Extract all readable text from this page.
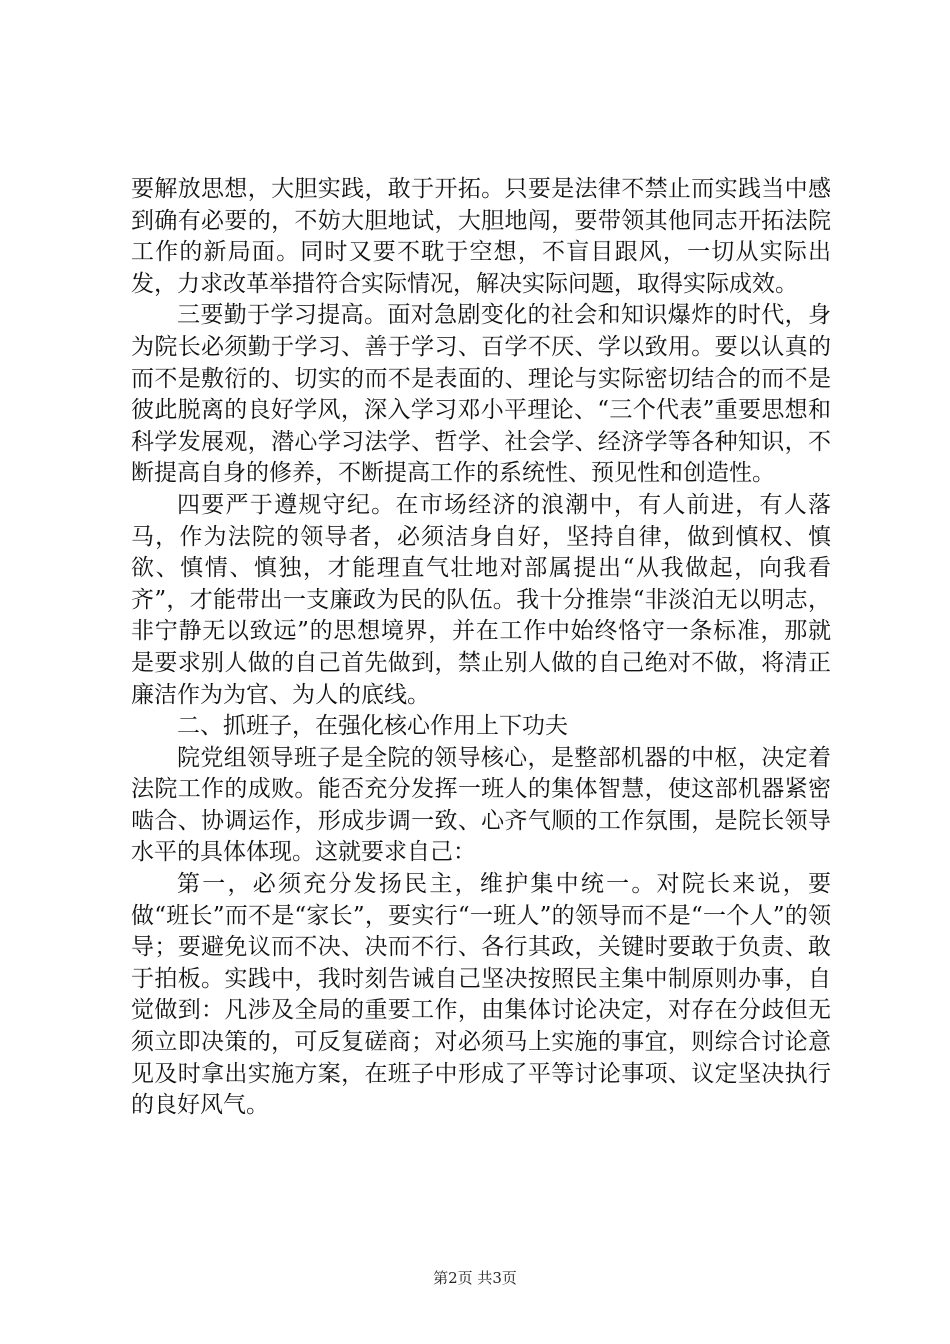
要解放思想，大胆实践，敢于开拓。只要是法律不禁止而实践当中感到确有必要的，不妨大胆地试，大胆地闯，要带领其他同志开拓法院工作的新局面。同时又要不耽于空想，不盲目跟风，一切从实际出发，力求改革举措符合实际情况，解决实际问题，取得实际成效。

三要勤于学习提高。面对急剧变化的社会和知识爆炸的时代，身为院长必须勤于学习、善于学习、百学不厌、学以致用。要以认真的而不是敷衍的、切实的而不是表面的、理论与实际密切结合的而不是彼此脱离的良好学风，深入学习邓小平理论、“三个代表”重要思想和科学发展观，潜心学习法学、哲学、社会学、经济学等各种知识，不断提高自身的修养，不断提高工作的系统性、预见性和创造性。

四要严于遵规守纪。在市场经济的浪潮中，有人前进，有人落马，作为法院的领导者，必须洁身自好，坚持自律，做到慎权、慎欲、慎情、慎独，才能理直气壮地对部属提出“从我做起，向我看齐”，才能带出一支廉政为民的队伍。我十分推崇“非淡泊无以明志，非宁静无以致远”的思想境界，并在工作中始终恪守一条标准，那就是要求别人做的自己首先做到，禁止别人做的自己绝对不做，将清正廉洁作为为官、为人的底线。

二、抓班子，在强化核心作用上下功夫

院党组领导班子是全院的领导核心，是整部机器的中枢，决定着法院工作的成败。能否充分发挥一班人的集体智慧，使这部机器紧密啮合、协调运作，形成步调一致、心齐气顺的工作氛围，是院长领导水平的具体体现。这就要求自己：

第一，必须充分发扬民主，维护集中统一。对院长来说，要做“班长”而不是“家长”，要实行“一班人”的领导而不是“一个人”的领导；要避免议而不决、决而不行、各行其政，关键时要敢于负责、敢于拍板。实践中，我时刻告诫自己坚决按照民主集中制原则办事，自觉做到：凡涉及全局的重要工作，由集体讨论决定，对存在分歧但无须立即决策的，可反复磋商；对必须马上实施的事宜，则综合讨论意见及时拿出实施方案，在班子中形成了平等讨论事项、议定坚决执行的良好风气。

第2页 共3页
